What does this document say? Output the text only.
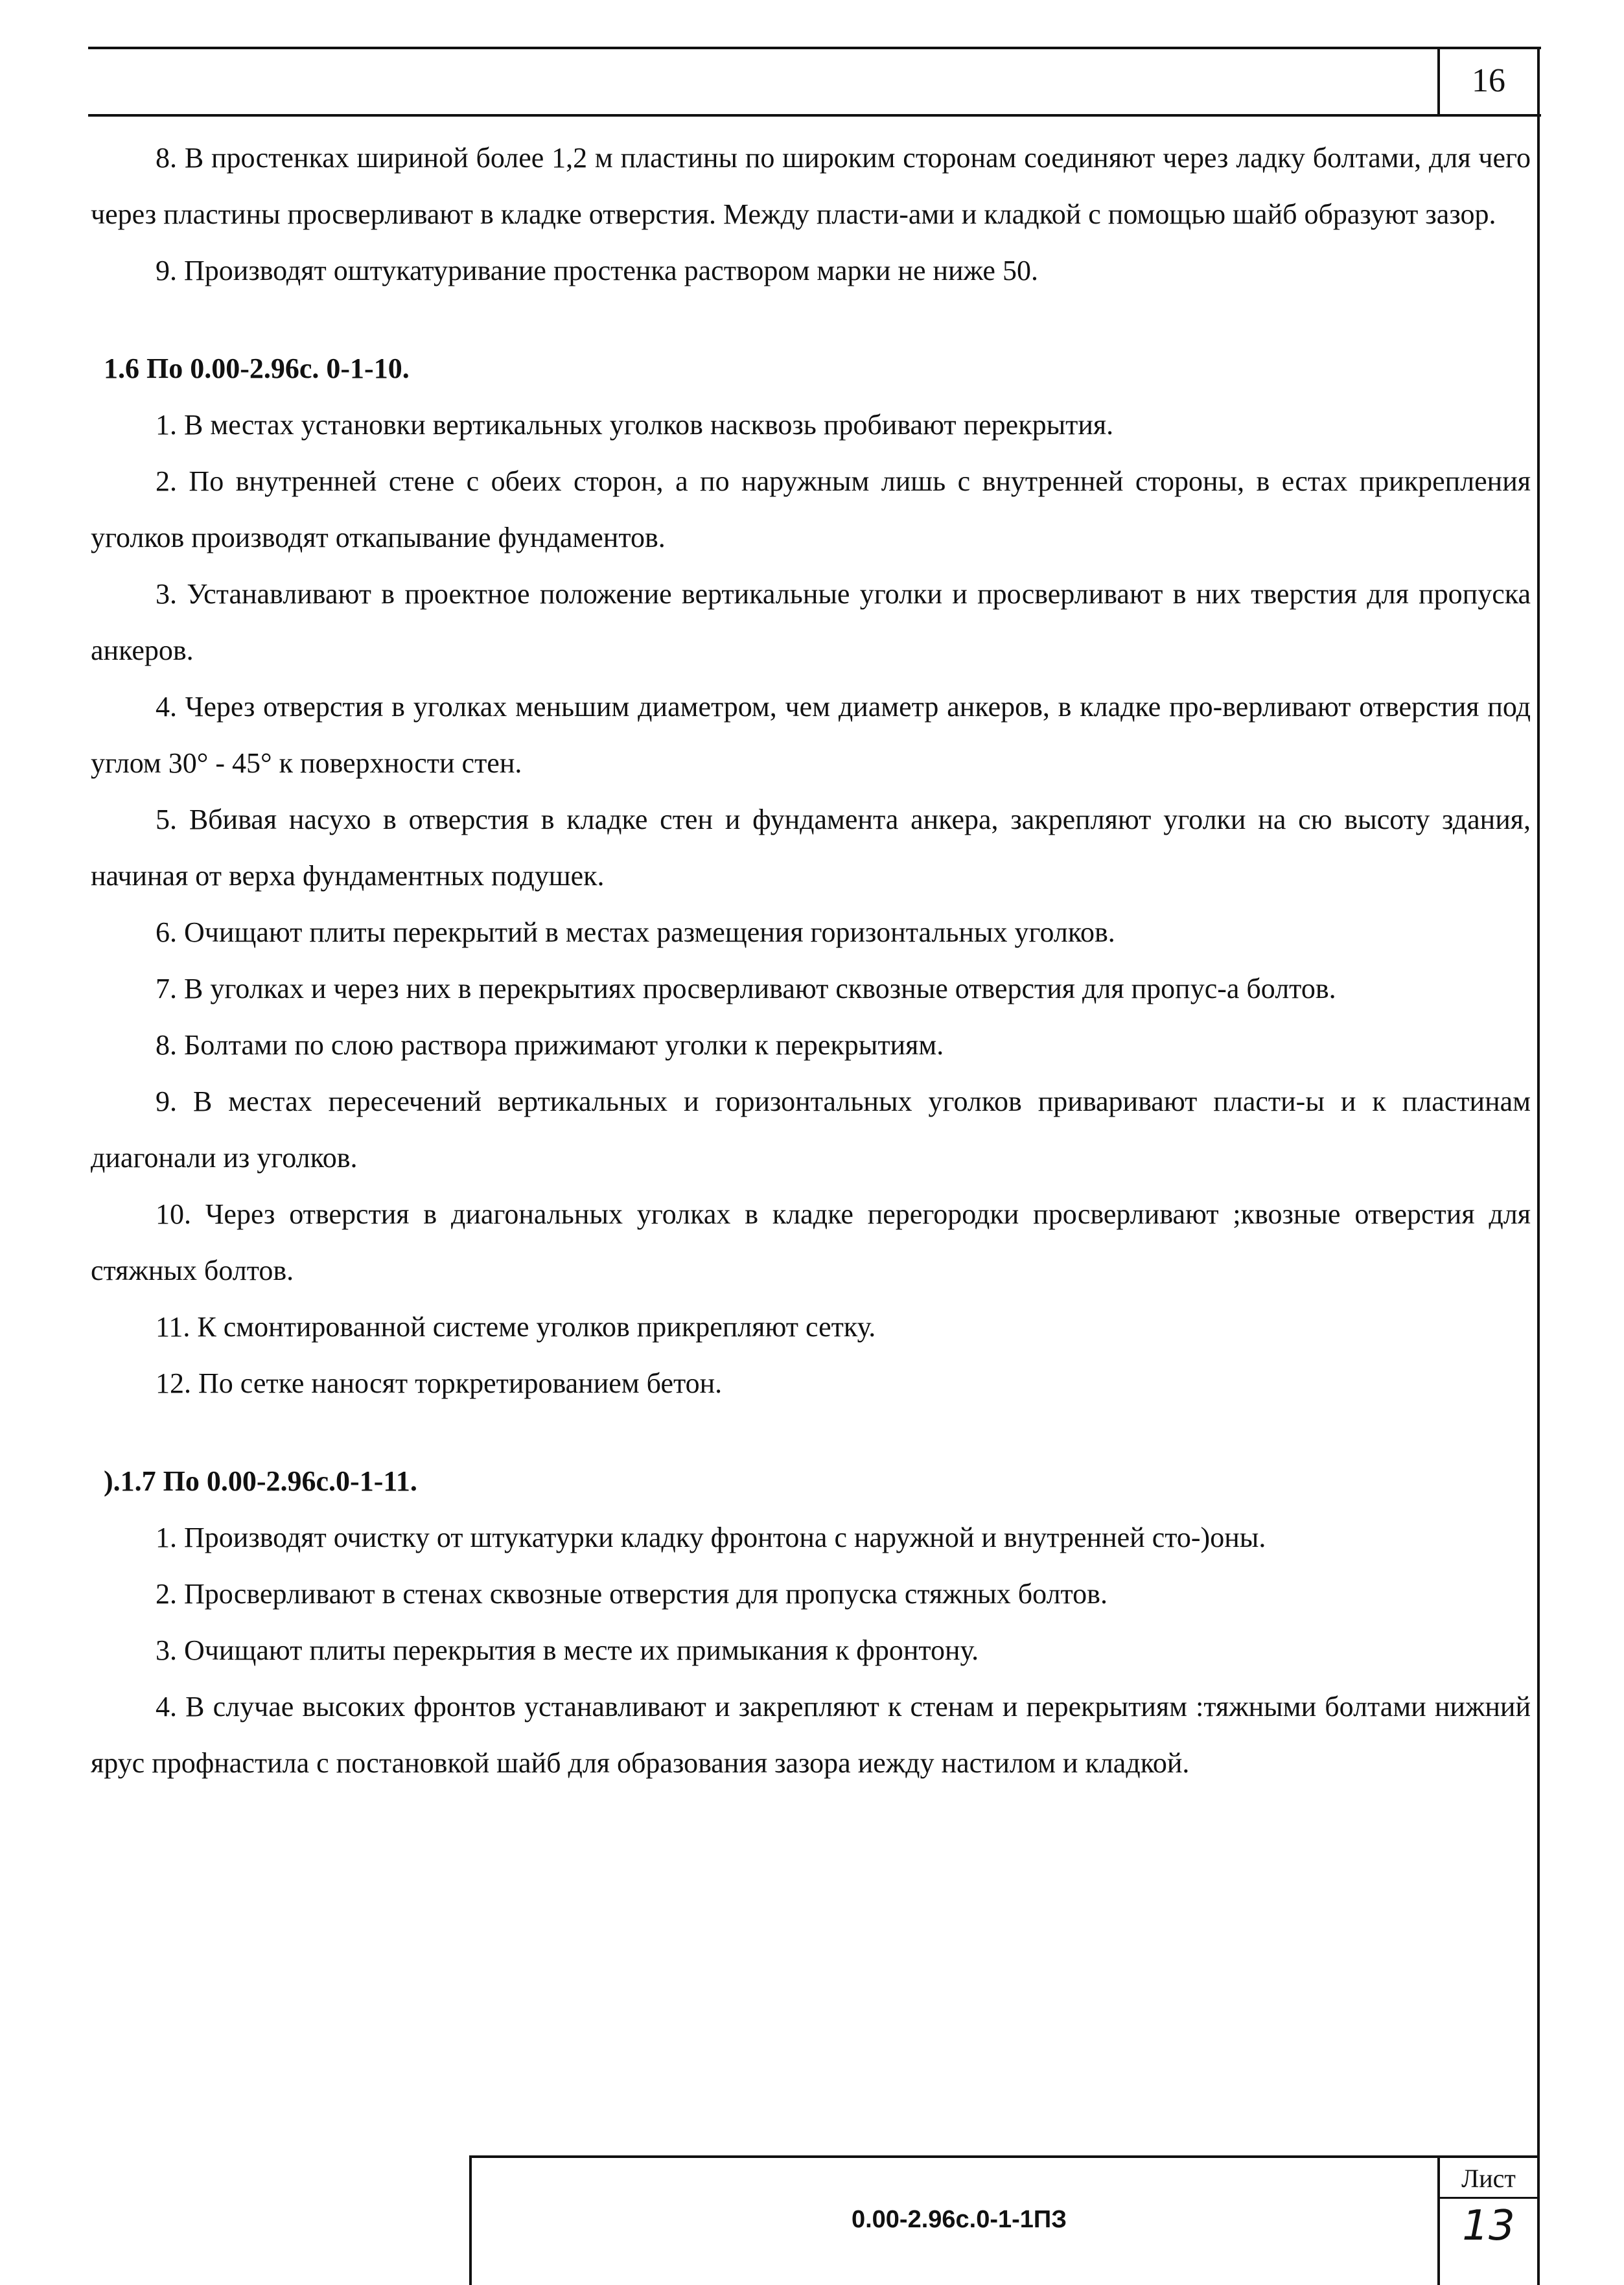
16

8. В простенках шириной более 1,2 м пластины по широким сторонам соединяют через ладку болтами, для чего через пластины просверливают в кладке отверстия. Между пласти-ами и кладкой с помощью шайб образуют зазор.

9. Производят оштукатуривание простенка раствором марки не ниже 50.

1.6 По 0.00-2.96с. 0-1-10.

1. В местах установки вертикальных уголков насквозь пробивают перекрытия.

2. По внутренней стене с обеих сторон, а по наружным лишь с внутренней стороны, в естах прикрепления уголков производят откапывание фундаментов.

3. Устанавливают в проектное положение вертикальные уголки и просверливают в них тверстия для пропуска анкеров.

4. Через отверстия в уголках меньшим диаметром, чем диаметр анкеров, в кладке про-верливают отверстия под углом 30° - 45° к поверхности стен.

5. Вбивая насухо в отверстия в кладке стен и фундамента анкера, закрепляют уголки на сю высоту здания, начиная от верха фундаментных подушек.

6. Очищают плиты перекрытий в местах размещения горизонтальных уголков.

7. В уголках и через них в перекрытиях просверливают сквозные отверстия для пропус-а болтов.

8. Болтами по слою раствора прижимают уголки к перекрытиям.

9. В местах пересечений вертикальных и горизонтальных уголков приваривают пласти-ы и к пластинам диагонали из уголков.

10. Через отверстия в диагональных уголках в кладке перегородки просверливают ;квозные отверстия для стяжных болтов.

11. К смонтированной системе уголков прикрепляют сетку.

12. По сетке наносят торкретированием бетон.

).1.7 По 0.00-2.96с.0-1-11.

1. Производят очистку от штукатурки кладку фронтона с наружной и внутренней сто-)оны.

2. Просверливают в стенах сквозные отверстия для пропуска стяжных болтов.

3. Очищают плиты перекрытия в месте их примыкания к фронтону.

4. В случае высоких фронтов устанавливают и закрепляют к стенам и перекрытиям :тяжными болтами нижний ярус профнастила с постановкой шайб для образования зазора иежду настилом и кладкой.

0.00-2.96с.0-1-1ПЗ
Лист
13
